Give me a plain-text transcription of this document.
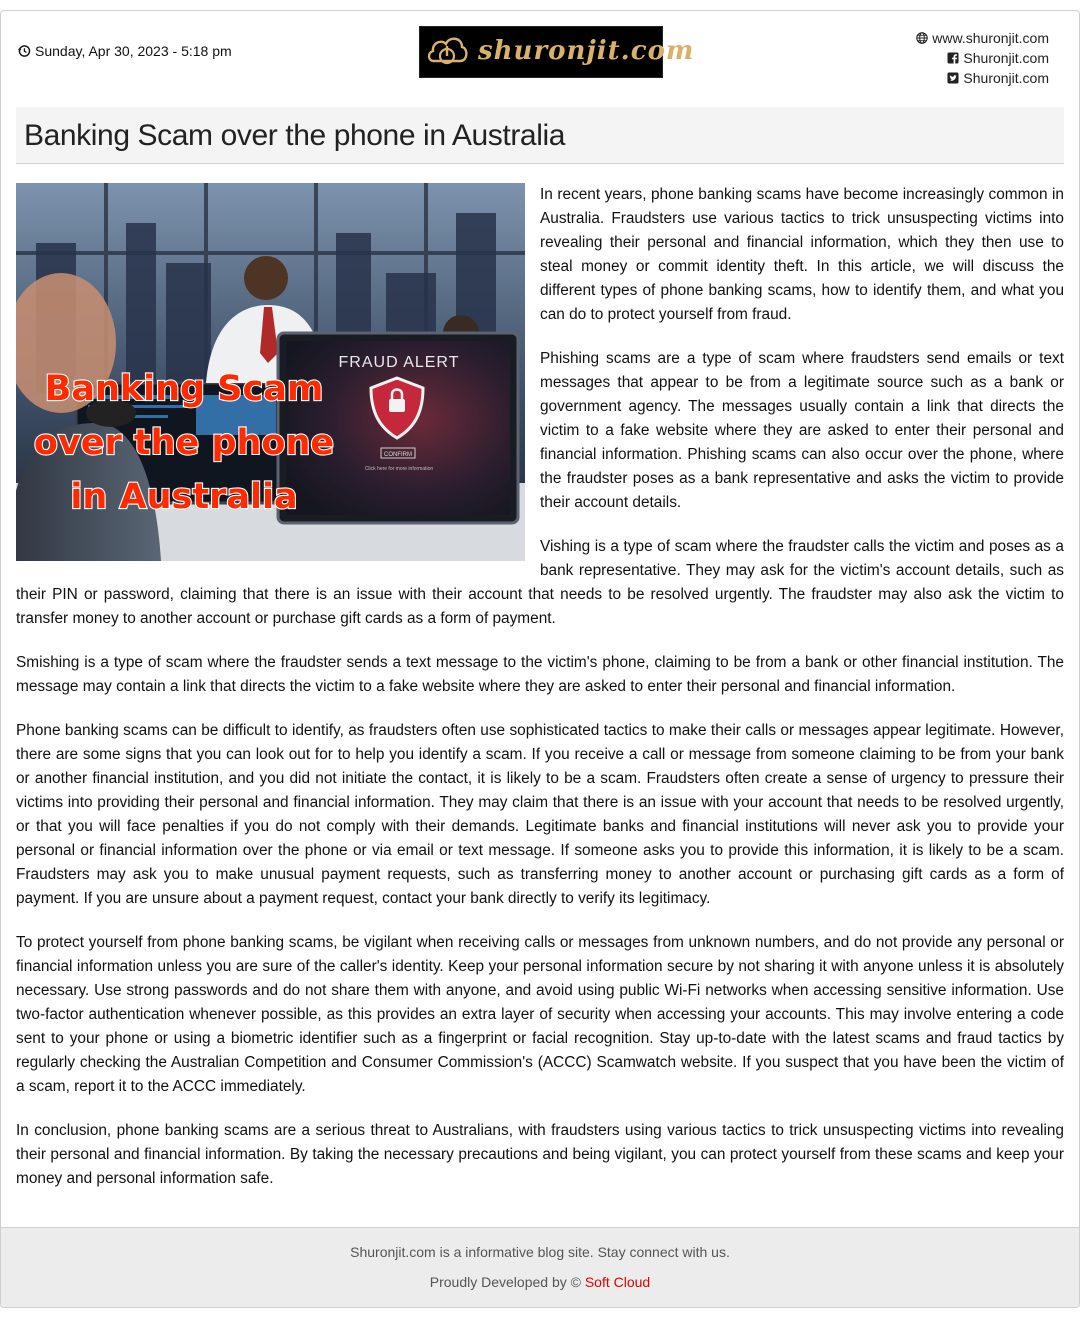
Sunday, Apr 30, 2023 - 5:18 pm	shuronjit.com	www.shuronjit.com
Shuronjit.com
Shuronjit.com
Banking Scam over the phone in Australia
FRAUD ALERT
CONFIRM
Click here for more information
Banking Scam
over the phone
in Australia

In recent years, phone banking scams have become increasingly common in Australia. Fraudsters use various tactics to trick unsuspecting victims into revealing their personal and financial information, which they then use to steal money or commit identity theft. In this article, we will discuss the different types of phone banking scams, how to identify them, and what you can do to protect yourself from fraud.

Phishing scams are a type of scam where fraudsters send emails or text messages that appear to be from a legitimate source such as a bank or government agency. The messages usually contain a link that directs the victim to a fake website where they are asked to enter their personal and financial information. Phishing scams can also occur over the phone, where the fraudster poses as a bank representative and asks the victim to provide their account details.

Vishing is a type of scam where the fraudster calls the victim and poses as a bank representative. They may ask for the victim's account details, such as their PIN or password, claiming that there is an issue with their account that needs to be resolved urgently. The fraudster may also ask the victim to transfer money to another account or purchase gift cards as a form of payment.

Smishing is a type of scam where the fraudster sends a text message to the victim's phone, claiming to be from a bank or other financial institution. The message may contain a link that directs the victim to a fake website where they are asked to enter their personal and financial information.

Phone banking scams can be difficult to identify, as fraudsters often use sophisticated tactics to make their calls or messages appear legitimate. However, there are some signs that you can look out for to help you identify a scam. If you receive a call or message from someone claiming to be from your bank or another financial institution, and you did not initiate the contact, it is likely to be a scam. Fraudsters often create a sense of urgency to pressure their victims into providing their personal and financial information. They may claim that there is an issue with your account that needs to be resolved urgently, or that you will face penalties if you do not comply with their demands. Legitimate banks and financial institutions will never ask you to provide your personal or financial information over the phone or via email or text message. If someone asks you to provide this information, it is likely to be a scam. Fraudsters may ask you to make unusual payment requests, such as transferring money to another account or purchasing gift cards as a form of payment. If you are unsure about a payment request, contact your bank directly to verify its legitimacy.

To protect yourself from phone banking scams, be vigilant when receiving calls or messages from unknown numbers, and do not provide any personal or financial information unless you are sure of the caller's identity. Keep your personal information secure by not sharing it with anyone unless it is absolutely necessary. Use strong passwords and do not share them with anyone, and avoid using public Wi-Fi networks when accessing sensitive information. Use two-factor authentication whenever possible, as this provides an extra layer of security when accessing your accounts. This may involve entering a code sent to your phone or using a biometric identifier such as a fingerprint or facial recognition. Stay up-to-date with the latest scams and fraud tactics by regularly checking the Australian Competition and Consumer Commission's (ACCC) Scamwatch website. If you suspect that you have been the victim of a scam, report it to the ACCC immediately.

In conclusion, phone banking scams are a serious threat to Australians, with fraudsters using various tactics to trick unsuspecting victims into revealing their personal and financial information. By taking the necessary precautions and being vigilant, you can protect yourself from these scams and keep your money and personal information safe.

Shuronjit.com is a informative blog site. Stay connect with us.
Proudly Developed by © Soft Cloud
